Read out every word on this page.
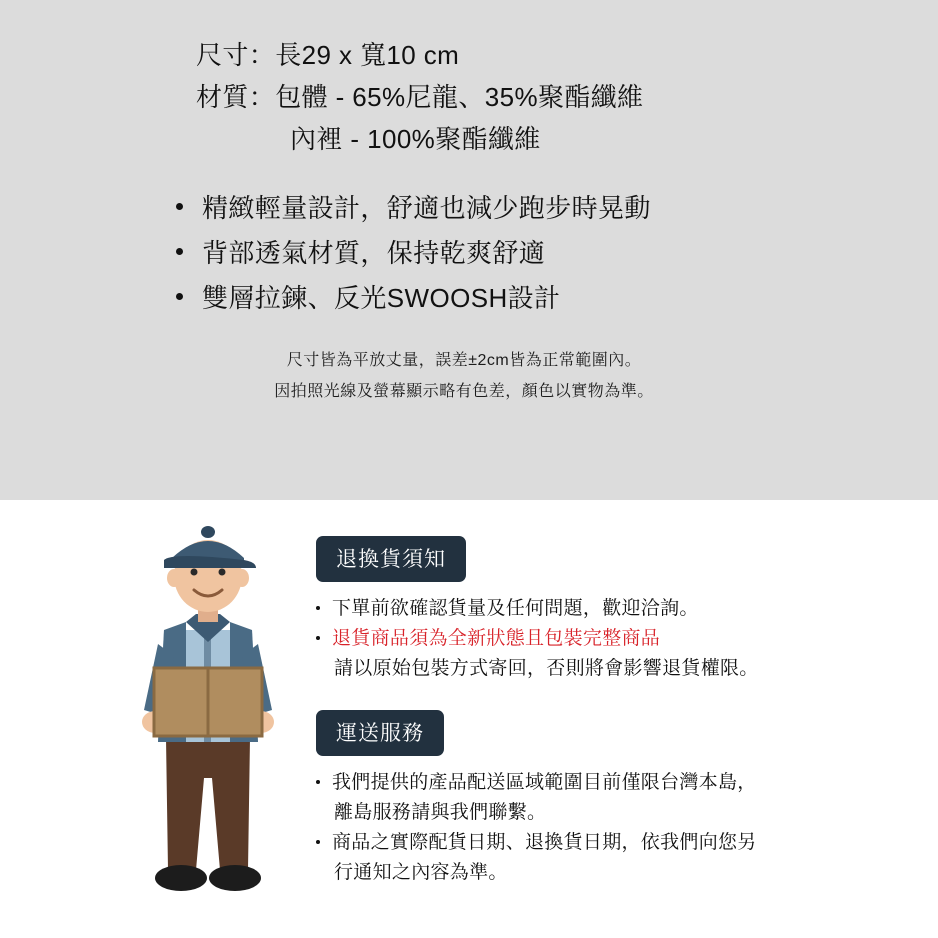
尺寸：長29 x 寬10 cm
材質：包體 - 65%尼龍、35%聚酯纖維
內裡 - 100%聚酯纖維
精緻輕量設計，舒適也減少跑步時晃動
背部透氣材質，保持乾爽舒適
雙層拉鍊、反光SWOOSH設計
尺寸皆為平放丈量，誤差±2cm皆為正常範圍內。
因拍照光線及螢幕顯示略有色差，顏色以實物為準。
退換貨須知
下單前欲確認貨量及任何問題，歡迎洽詢。
退貨商品須為全新狀態且包裝完整商品
請以原始包裝方式寄回，否則將會影響退貨權限。
運送服務
我們提供的產品配送區域範圍目前僅限台灣本島，
離島服務請與我們聯繫。
商品之實際配貨日期、退換貨日期，依我們向您另
行通知之內容為準。
